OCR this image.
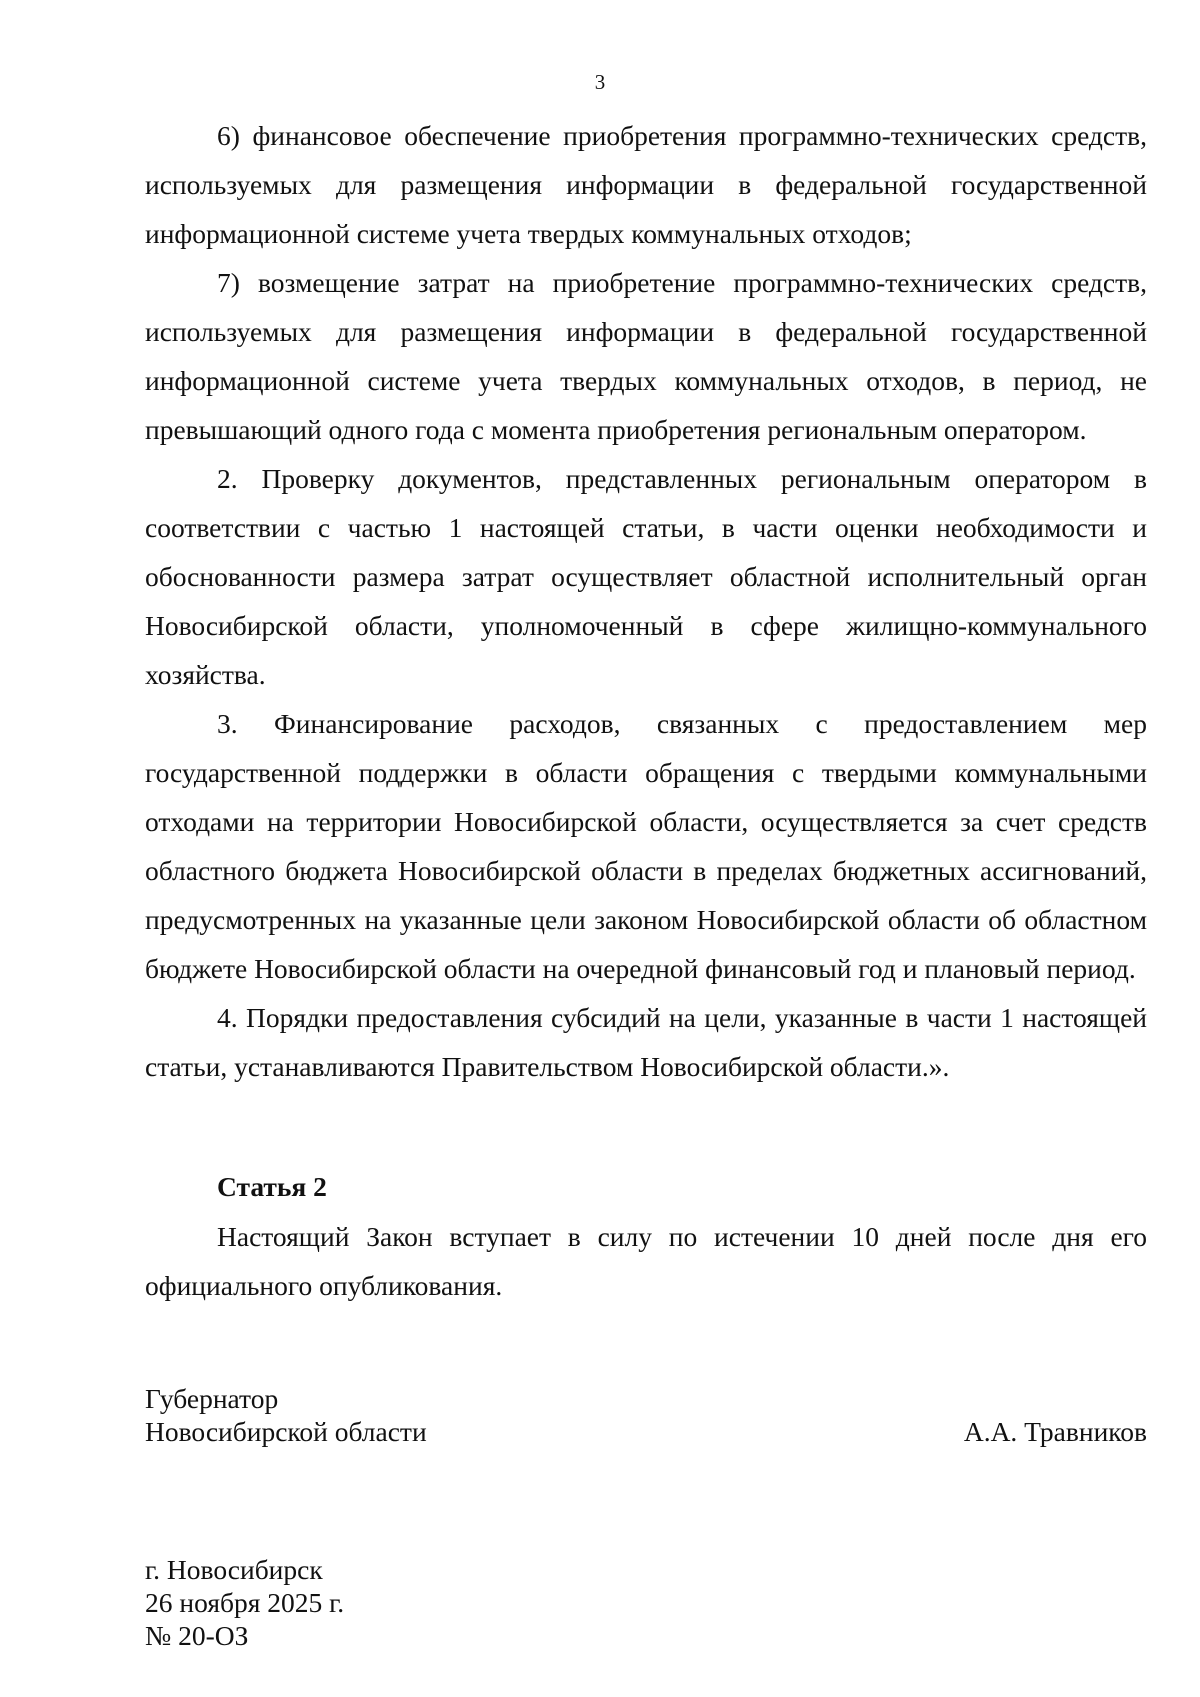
3

6) финансовое обеспечение приобретения программно-технических средств, используемых для размещения информации в федеральной государственной информационной системе учета твердых коммунальных отходов;

7) возмещение затрат на приобретение программно-технических средств, используемых для размещения информации в федеральной государственной информационной системе учета твердых коммунальных отходов, в период, не превышающий одного года с момента приобретения региональным оператором.

2. Проверку документов, представленных региональным оператором в соответствии с частью 1 настоящей статьи, в части оценки необходимости и обоснованности размера затрат осуществляет областной исполнительный орган Новосибирской области, уполномоченный в сфере жилищно-коммунального хозяйства.

3. Финансирование расходов, связанных с предоставлением мер государственной поддержки в области обращения с твердыми коммунальными отходами на территории Новосибирской области, осуществляется за счет средств областного бюджета Новосибирской области в пределах бюджетных ассигнований, предусмотренных на указанные цели законом Новосибирской области об областном бюджете Новосибирской области на очередной финансовый год и плановый период.

4. Порядки предоставления субсидий на цели, указанные в части 1 настоящей статьи, устанавливаются Правительством Новосибирской области.».

Статья 2

Настоящий Закон вступает в силу по истечении 10 дней после дня его официального опубликования.

Губернатор
Новосибирской области	А.А. Травников
г. Новосибирск
26 ноября 2025 г.
№ 20-ОЗ
